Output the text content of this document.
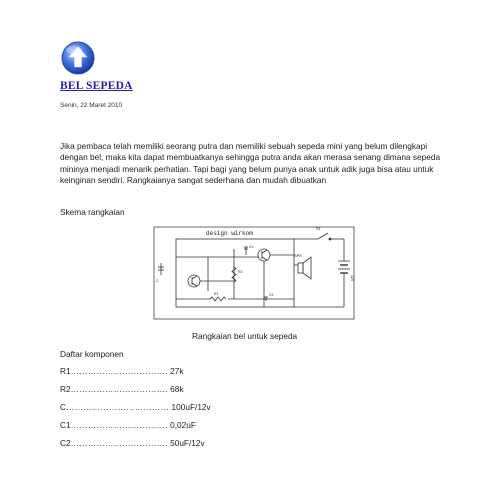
BEL SEPEDA
Senin, 22 Maret 2010

Jika pembaca telah memiliki seorang putra dan memiliki sebuah sepeda mini yang belum dilengkapi dengan bel, maka kita dapat membuatkanya sehingga putra anda akan merasa senang dimana sepeda mininya menjadi menarik perhatian. Tapi bagi yang belum punya anak untuk adik juga bisa atau untuk keinginan sendiri. Rangkaianya sangat sederhana dan mudah dibuatkan

Skema rangkaian
design wirkom
S1
12V
SPK
R1
R2
C1
C2
C
Rangkaian bel untuk sepeda
Daftar komponen
R1……………………………. 27k
R2……………………………. 68k
C……………………………… 100uF/12v
C1……………………………. 0,02uF
C2……………………………. 50uF/12v
